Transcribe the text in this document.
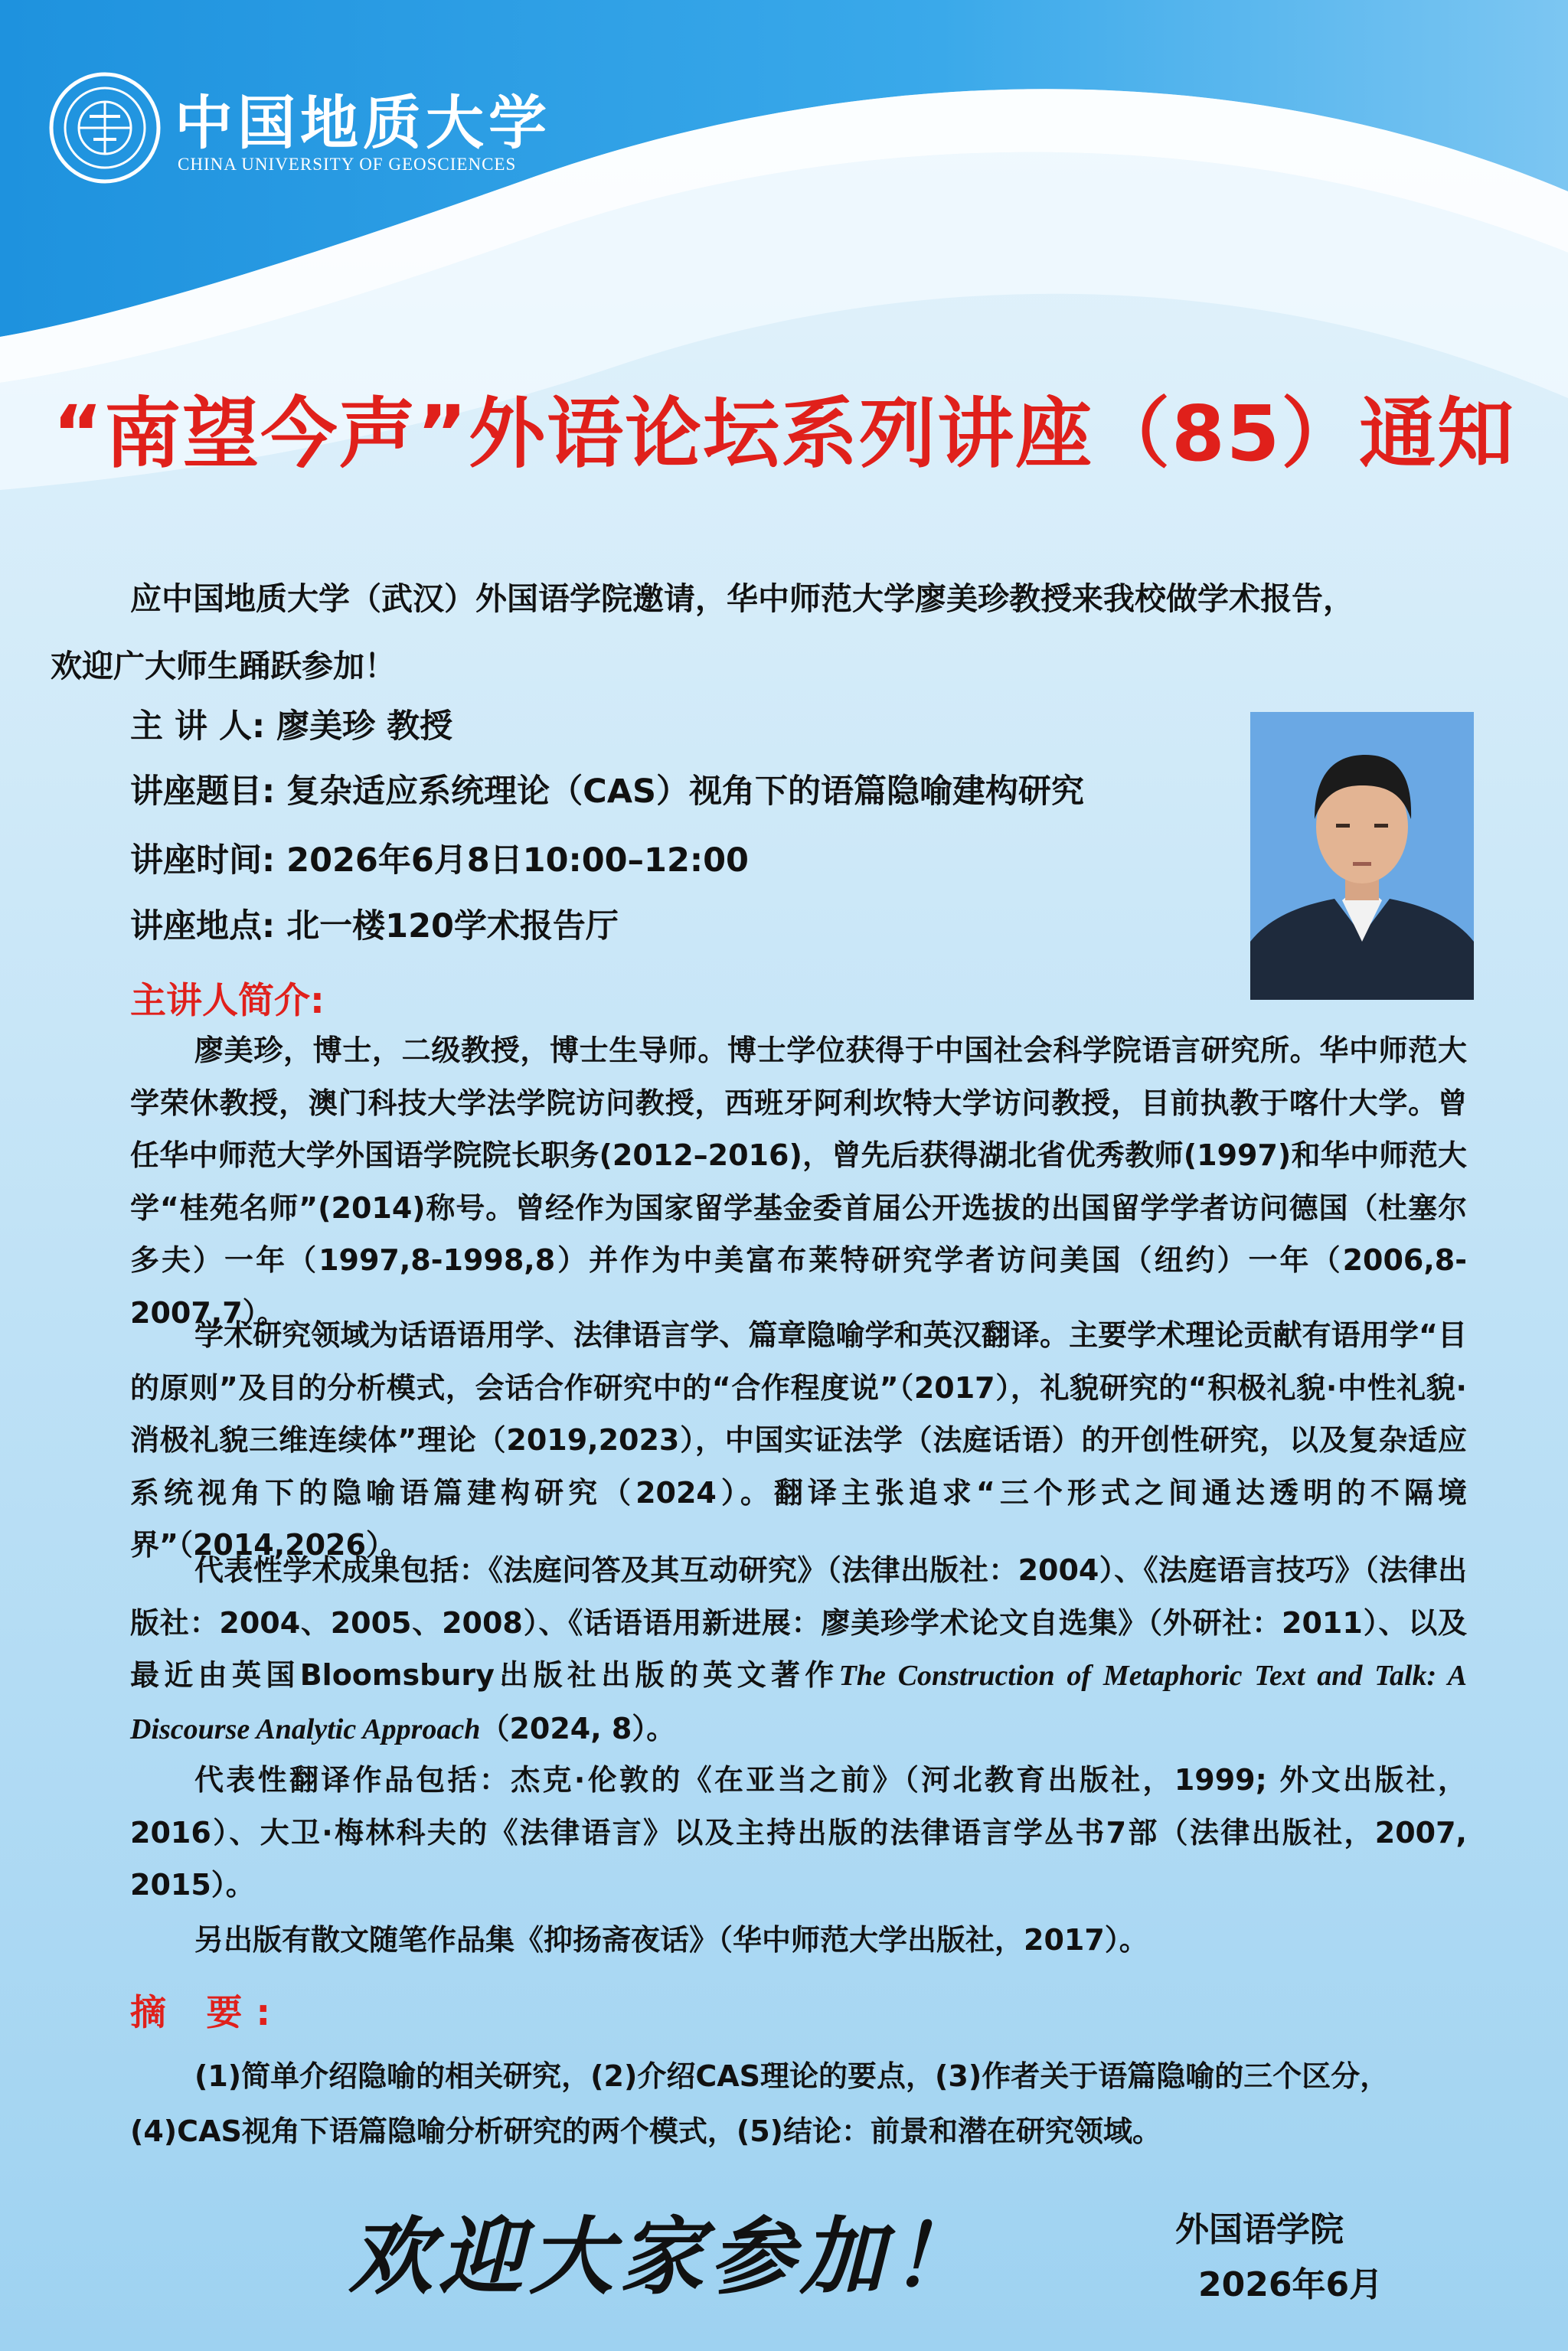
中国地质大学
CHINA UNIVERSITY OF GEOSCIENCES
“南望今声”外语论坛系列讲座（85）通知
应中国地质大学（武汉）外国语学院邀请，华中师范大学廖美珍教授来我校做学术报告，欢迎广大师生踊跃参加！
主 讲 人: 廖美珍 教授
讲座题目: 复杂适应系统理论（CAS）视角下的语篇隐喻建构研究
讲座时间: 2026年6月8日10:00–12:00
讲座地点: 北一楼120学术报告厅
主讲人简介:
廖美珍，博士，二级教授，博士生导师。博士学位获得于中国社会科学院语言研究所。华中师范大学荣休教授，澳门科技大学法学院访问教授，西班牙阿利坎特大学访问教授，目前执教于喀什大学。曾任华中师范大学外国语学院院长职务(2012–2016)，曾先后获得湖北省优秀教师(1997)和华中师范大学“桂苑名师”(2014)称号。曾经作为国家留学基金委首届公开选拔的出国留学学者访问德国（杜塞尔多夫）一年（1997,8-1998,8）并作为中美富布莱特研究学者访问美国（纽约）一年（2006,8-2007,7）。
学术研究领域为话语语用学、法律语言学、篇章隐喻学和英汉翻译。主要学术理论贡献有语用学“目的原则”及目的分析模式，会话合作研究中的“合作程度说”（2017），礼貌研究的“积极礼貌·中性礼貌·消极礼貌三维连续体”理论（2019,2023），中国实证法学（法庭话语）的开创性研究，以及复杂适应系统视角下的隐喻语篇建构研究（2024）。翻译主张追求“三个形式之间通达透明的不隔境界”（2014,2026）。
代表性学术成果包括：《法庭问答及其互动研究》（法律出版社：2004）、《法庭语言技巧》（法律出版社：2004、2005、2008）、《话语语用新进展：廖美珍学术论文自选集》（外研社：2011）、以及最近由英国Bloomsbury出版社出版的英文著作The Construction of Metaphoric Text and Talk: A Discourse Analytic Approach（2024, 8）。
代表性翻译作品包括：杰克·伦敦的《在亚当之前》（河北教育出版社，1999; 外文出版社，2016）、大卫·梅林科夫的《法律语言》以及主持出版的法律语言学丛书7部（法律出版社，2007, 2015）。
另出版有散文随笔作品集《抑扬斋夜话》（华中师范大学出版社，2017）。
摘 要:
(1)简单介绍隐喻的相关研究，(2)介绍CAS理论的要点，(3)作者关于语篇隐喻的三个区分，(4)CAS视角下语篇隐喻分析研究的两个模式，(5)结论：前景和潜在研究领域。
欢迎大家参加！	外国语学院
2026年6月
